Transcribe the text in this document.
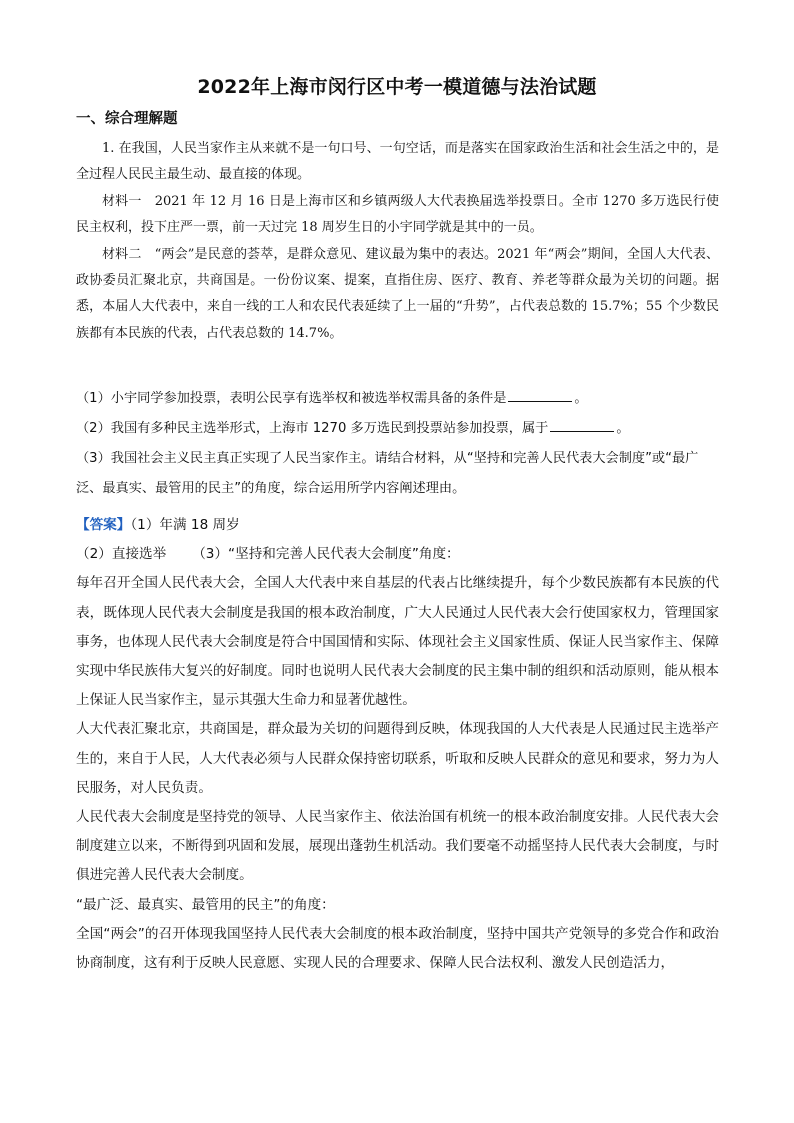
2022年上海市闵行区中考一模道德与法治试题
一、综合理解题

1. 在我国，人民当家作主从来就不是一句口号、一句空话，而是落实在国家政治生活和社会生活之中的，是全过程人民民主最生动、最直接的体现。

材料一　2021 年 12 月 16 日是上海市区和乡镇两级人大代表换届选举投票日。全市 1270 多万选民行使民主权利，投下庄严一票，前一天过完 18 周岁生日的小宇同学就是其中的一员。

材料二　“两会”是民意的荟萃，是群众意见、建议最为集中的表达。2021 年“两会”期间，全国人大代表、政协委员汇聚北京，共商国是。一份份议案、提案，直指住房、医疗、教育、养老等群众最为关切的问题。据悉，本届人大代表中，来自一线的工人和农民代表延续了上一届的“升势”，占代表总数的 15.7%；55 个少数民族都有本民族的代表，占代表总数的 14.7%。

（1）小宇同学参加投票，表明公民享有选举权和被选举权需具备的条件是	。

（2）我国有多种民主选举形式，上海市 1270 多万选民到投票站参加投票，属于	。

（3）我国社会主义民主真正实现了人民当家作主。请结合材料，从“坚持和完善人民代表大会制度”或“最广泛、最真实、最管用的民主”的角度，综合运用所学内容阐述理由。

【答案】（1）年满 18 周岁

（2）直接选举 （3）“坚持和完善人民代表大会制度”角度：

每年召开全国人民代表大会，全国人大代表中来自基层的代表占比继续提升，每个少数民族都有本民族的代表，既体现人民代表大会制度是我国的根本政治制度，广大人民通过人民代表大会行使国家权力，管理国家事务，也体现人民代表大会制度是符合中国国情和实际、体现社会主义国家性质、保证人民当家作主、保障实现中华民族伟大复兴的好制度。同时也说明人民代表大会制度的民主集中制的组织和活动原则，能从根本上保证人民当家作主，显示其强大生命力和显著优越性。

人大代表汇聚北京，共商国是，群众最为关切的问题得到反映，体现我国的人大代表是人民通过民主选举产生的，来自于人民，人大代表必须与人民群众保持密切联系，听取和反映人民群众的意见和要求，努力为人民服务，对人民负责。

人民代表大会制度是坚持党的领导、人民当家作主、依法治国有机统一的根本政治制度安排。人民代表大会制度建立以来，不断得到巩固和发展，展现出蓬勃生机活动。我们要毫不动摇坚持人民代表大会制度，与时俱进完善人民代表大会制度。

“最广泛、最真实、最管用的民主”的角度：

全国“两会”的召开体现我国坚持人民代表大会制度的根本政治制度，坚持中国共产党领导的多党合作和政治协商制度，这有利于反映人民意愿、实现人民的合理要求、保障人民合法权利、激发人民创造活力，
